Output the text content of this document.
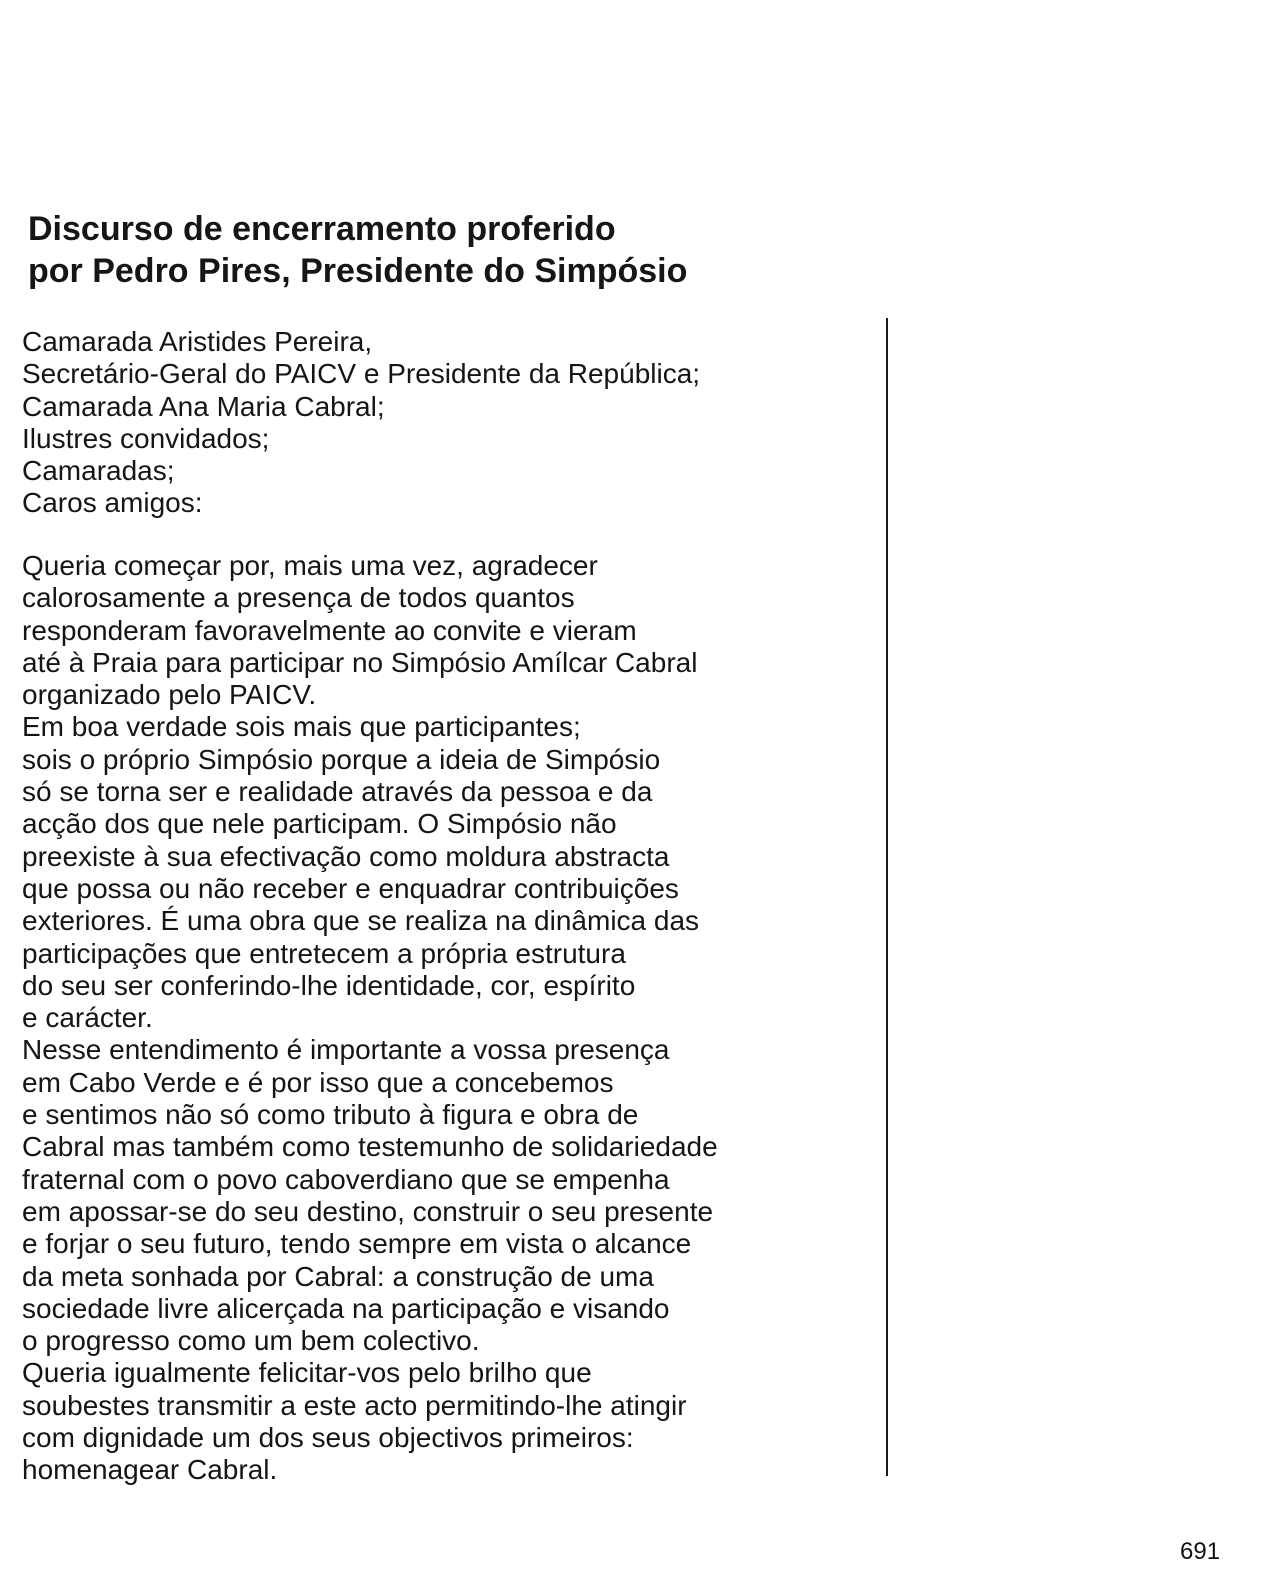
Discurso de encerramento proferido
por Pedro Pires, Presidente do Simpósio
Camarada Aristides Pereira,
Secretário-Geral do PAICV e Presidente da República;
Camarada Ana Maria Cabral;
Ilustres convidados;
Camaradas;
Caros amigos:
Queria começar por, mais uma vez, agradecer
calorosamente a presença de todos quantos
responderam favoravelmente ao convite e vieram
até à Praia para participar no Simpósio Amílcar Cabral
organizado pelo PAICV.
Em boa verdade sois mais que participantes;
sois o próprio Simpósio porque a ideia de Simpósio
só se torna ser e realidade através da pessoa e da
acção dos que nele participam. O Simpósio não
preexiste à sua efectivação como moldura abstracta
que possa ou não receber e enquadrar contribuições
exteriores. É uma obra que se realiza na dinâmica das
participações que entretecem a própria estrutura
do seu ser conferindo-lhe identidade, cor, espírito
e carácter.
Nesse entendimento é importante a vossa presença
em Cabo Verde e é por isso que a concebemos
e sentimos não só como tributo à figura e obra de
Cabral mas também como testemunho de solidariedade
fraternal com o povo caboverdiano que se empenha
em apossar-se do seu destino, construir o seu presente
e forjar o seu futuro, tendo sempre em vista o alcance
da meta sonhada por Cabral: a construção de uma
sociedade livre alicerçada na participação e visando
o progresso como um bem colectivo.
Queria igualmente felicitar-vos pelo brilho que
soubestes transmitir a este acto permitindo-lhe atingir
com dignidade um dos seus objectivos primeiros:
homenagear Cabral.

691
